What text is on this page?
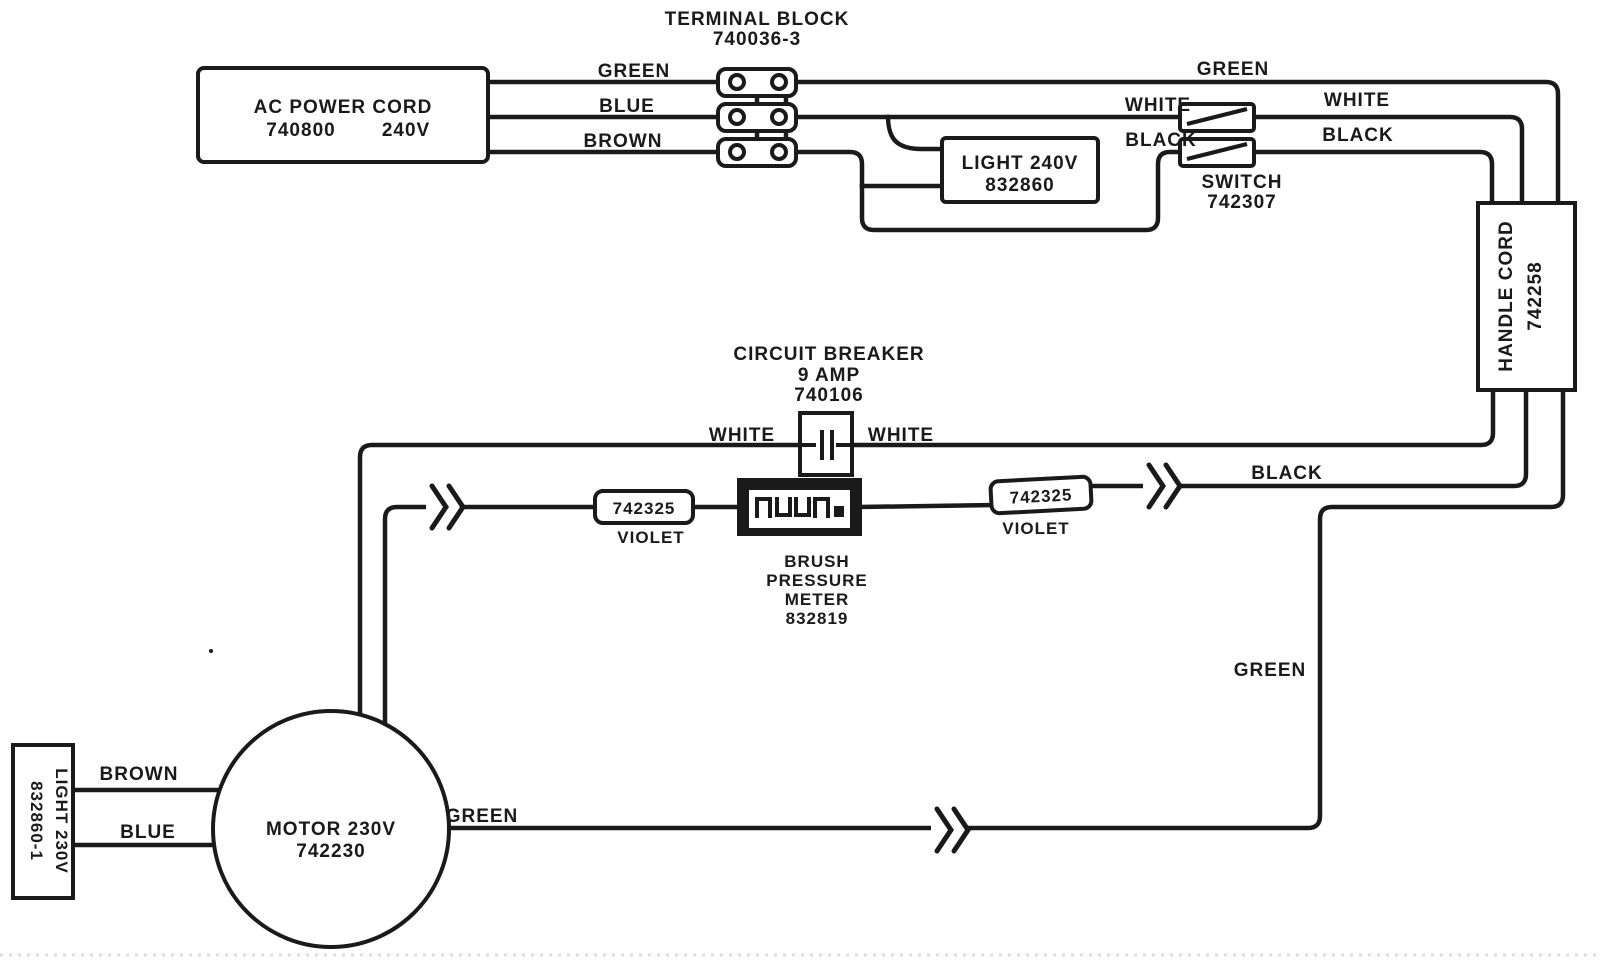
TERMINAL BLOCK
740036-3
AC POWER CORD
740800 240V
GREEN
BLUE
BROWN
GREEN
WHITE
BLACK
WHITE
BLACK
SWITCH
742307
LIGHT 240V
832860
HANDLE CORD 742258
CIRCUIT BREAKER
9 AMP
740106
WHITE	WHITE
742325
VIOLET
742325
VIOLET
BRUSH
PRESSURE
METER
832819
BLACK
GREEN
BROWN
BLUE
GREEN
MOTOR 230V
742230
LIGHT 230V
832860-1
